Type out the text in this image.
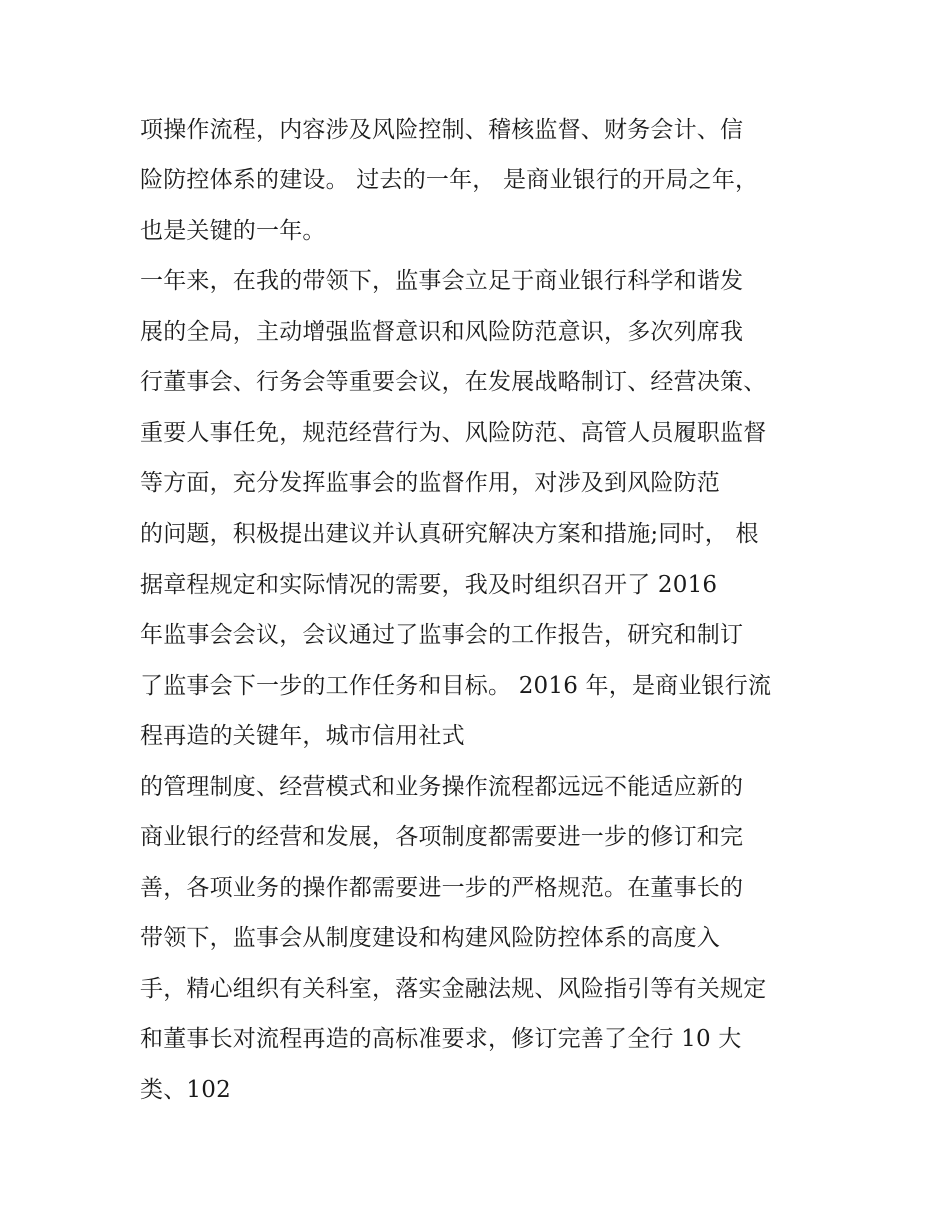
项操作流程，内容涉及风险控制、稽核监督、财务会计、信
险防控体系的建设。 过去的一年， 是商业银行的开局之年，
也是关键的一年。
一年来，在我的带领下，监事会立足于商业银行科学和谐发
展的全局，主动增强监督意识和风险防范意识，多次列席我
行董事会、行务会等重要会议，在发展战略制订、经营决策、
重要人事任免，规范经营行为、风险防范、高管人员履职监督
等方面，充分发挥监事会的监督作用，对涉及到风险防范
的问题，积极提出建议并认真研究解决方案和措施;同时， 根
据章程规定和实际情况的需要，我及时组织召开了 2016
年监事会会议，会议通过了监事会的工作报告，研究和制订
了监事会下一步的工作任务和目标。 2016 年，是商业银行流
程再造的关键年，城市信用社式
的管理制度、经营模式和业务操作流程都远远不能适应新的
商业银行的经营和发展，各项制度都需要进一步的修订和完
善，各项业务的操作都需要进一步的严格规范。在董事长的
带领下，监事会从制度建设和构建风险防控体系的高度入
手，精心组织有关科室，落实金融法规、风险指引等有关规定
和董事长对流程再造的高标准要求，修订完善了全行 10 大
类、102
